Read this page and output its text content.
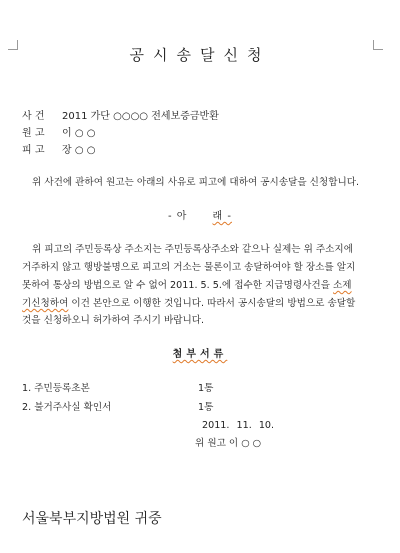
공시송달신청
사 건 2011 가단 ○○○○ 전세보증금반환
원 고 이 ○ ○
피 고 장 ○ ○
위 사건에 관하여 원고는 아래의 사유로 피고에 대하여 공시송달을 신청합니다.
- 아	래 -
위 피고의 주민등록상 주소지는 주민등록상주소와 같으나 실제는 위 주소지에
거주하지 않고 행방불명으로 피고의 거소는 물론이고 송달하여야 할 장소를 알지
못하여 통상의 방법으로 알 수 없어 2011. 5. 5.에 접수한 지급명령사건을 소제
기신청하여 이건 본안으로 이행한 것입니다. 따라서 공시송달의 방법으로 송달할
것을 신청하오니 허가하여 주시기 바랍니다.
첨부서류
1. 주민등록초본	1통
2. 불거주사실 확인서	1통
2011. 11. 10.
위 원고 이 ○ ○
서울북부지방법원 귀중
